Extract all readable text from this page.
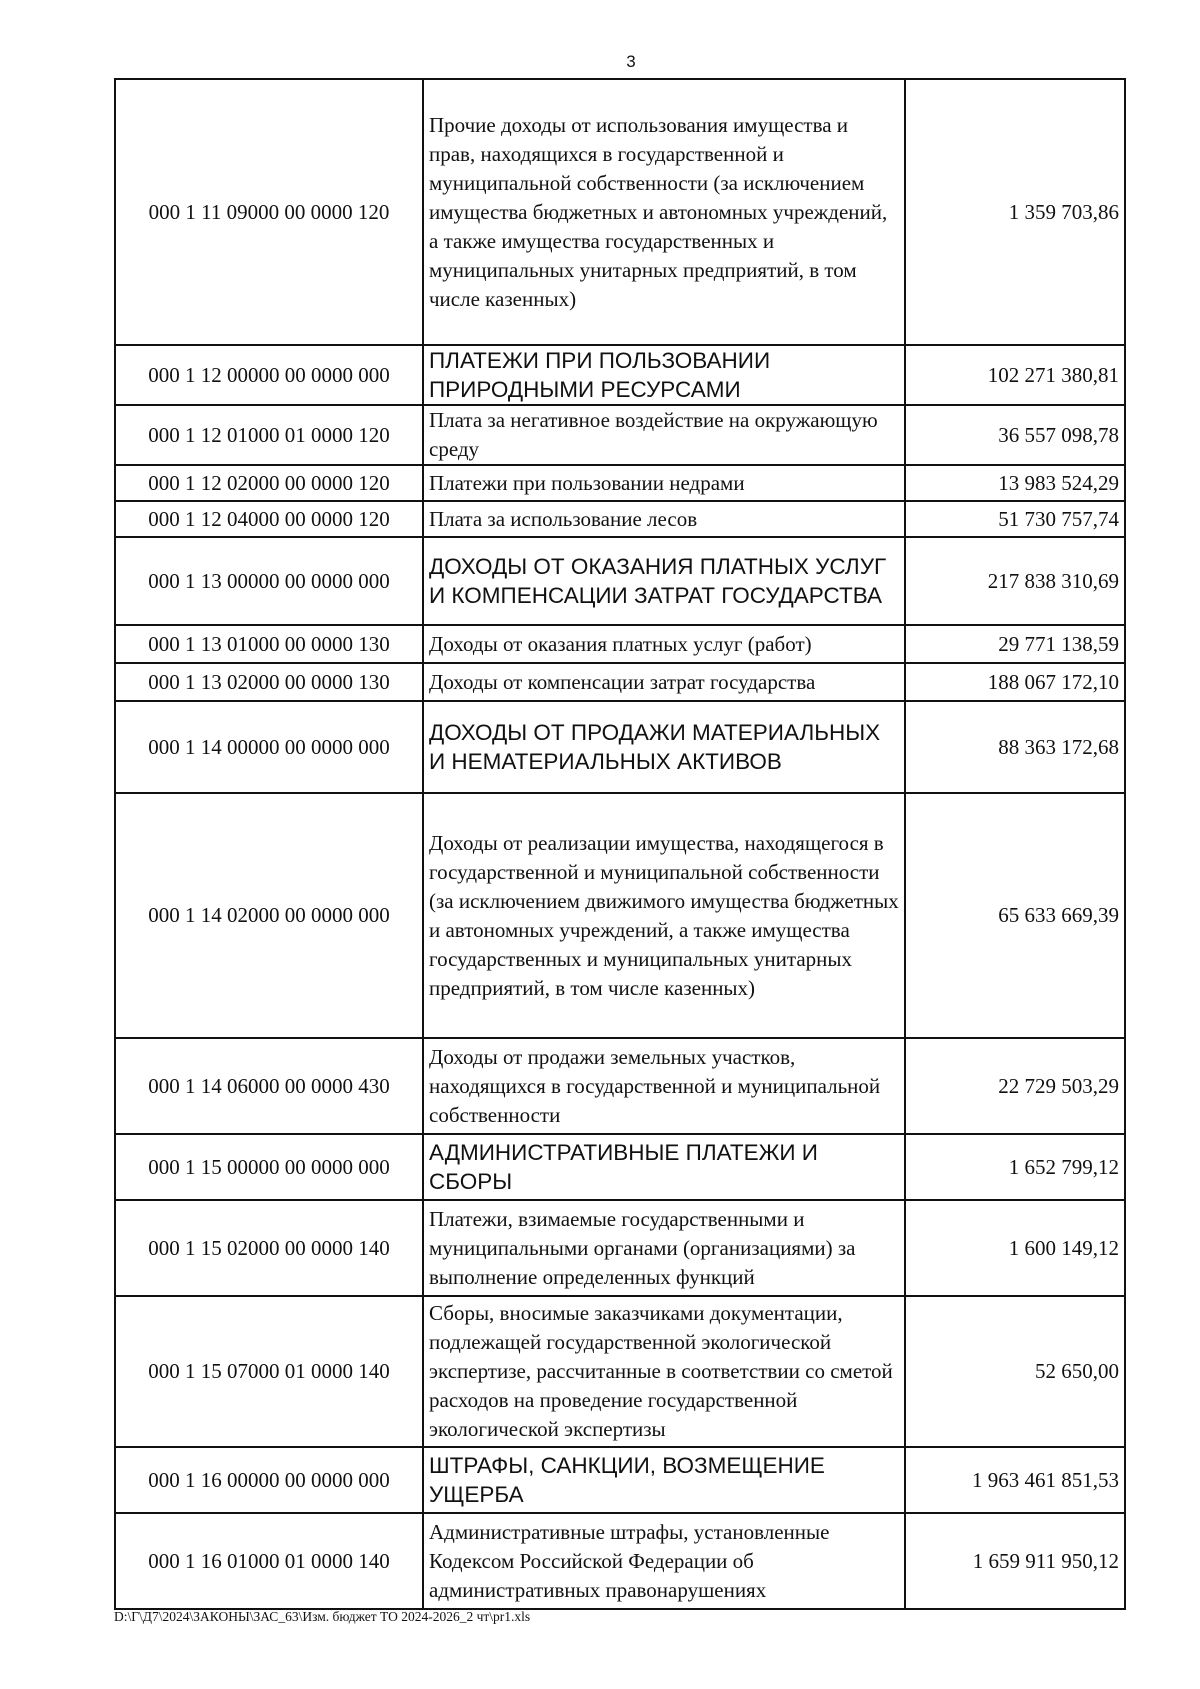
3
000 1 11 09000 00 0000 120	Прочие доходы от использования имущества и прав, находящихся в государственной и муниципальной собственности (за исключением имущества бюджетных и автономных учреждений, а также имущества государственных и муниципальных унитарных предприятий, в том числе казенных)	1 359 703,86
000 1 12 00000 00 0000 000	ПЛАТЕЖИ ПРИ ПОЛЬЗОВАНИИ ПРИРОДНЫМИ РЕСУРСАМИ	102 271 380,81
000 1 12 01000 01 0000 120	Плата за негативное воздействие на окружающую среду	36 557 098,78
000 1 12 02000 00 0000 120	Платежи при пользовании недрами	13 983 524,29
000 1 12 04000 00 0000 120	Плата за использование лесов	51 730 757,74
000 1 13 00000 00 0000 000	ДОХОДЫ ОТ ОКАЗАНИЯ ПЛАТНЫХ УСЛУГ И КОМПЕНСАЦИИ ЗАТРАТ ГОСУДАРСТВА	217 838 310,69
000 1 13 01000 00 0000 130	Доходы от оказания платных услуг (работ)	29 771 138,59
000 1 13 02000 00 0000 130	Доходы от компенсации затрат государства	188 067 172,10
000 1 14 00000 00 0000 000	ДОХОДЫ ОТ ПРОДАЖИ МАТЕРИАЛЬНЫХ И НЕМАТЕРИАЛЬНЫХ АКТИВОВ	88 363 172,68
000 1 14 02000 00 0000 000	Доходы от реализации имущества, находящегося в государственной и муниципальной собственности (за исключением движимого имущества бюджетных и автономных учреждений, а также имущества государственных и муниципальных унитарных предприятий, в том числе казенных)	65 633 669,39
000 1 14 06000 00 0000 430	Доходы от продажи земельных участков, находящихся в государственной и муниципальной собственности	22 729 503,29
000 1 15 00000 00 0000 000	АДМИНИСТРАТИВНЫЕ ПЛАТЕЖИ И СБОРЫ	1 652 799,12
000 1 15 02000 00 0000 140	Платежи, взимаемые государственными и муниципальными органами (организациями) за выполнение определенных функций	1 600 149,12
000 1 15 07000 01 0000 140	Сборы, вносимые заказчиками документации, подлежащей государственной экологической экспертизе, рассчитанные в соответствии со сметой расходов на проведение государственной экологической экспертизы	52 650,00
000 1 16 00000 00 0000 000	ШТРАФЫ, САНКЦИИ, ВОЗМЕЩЕНИЕ УЩЕРБА	1 963 461 851,53
000 1 16 01000 01 0000 140	Административные штрафы, установленные Кодексом Российской Федерации об административных правонарушениях	1 659 911 950,12
D:\Г\Д7\2024\ЗАКОНЫ\ЗАС_63\Изм. бюджет ТО 2024-2026_2 чт\pr1.xls
